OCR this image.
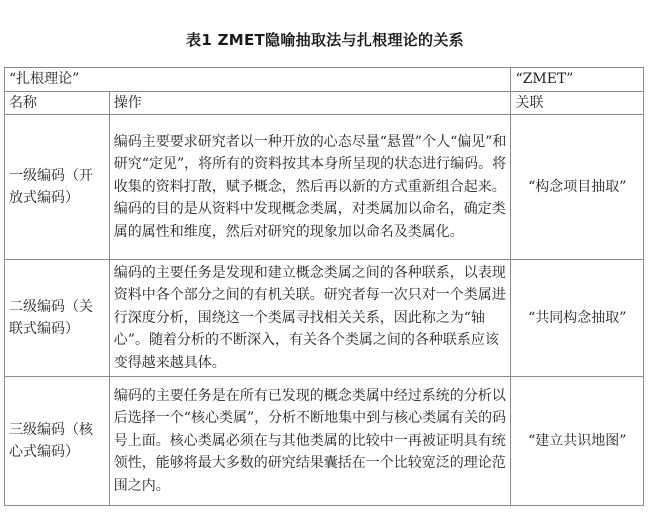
表1 ZMET隐喻抽取法与扎根理论的关系
“扎根理论”		“ZMET”
名称	操作	关联
一级编码（开放式编码）	编码主要要求研究者以一种开放的心态尽量“悬置”个人“偏见”和研究“定见”，将所有的资料按其本身所呈现的状态进行编码。将收集的资料打散，赋予概念，然后再以新的方式重新组合起来。编码的目的是从资料中发现概念类属，对类属加以命名，确定类属的属性和维度，然后对研究的现象加以命名及类属化。	“构念项目抽取”
二级编码（关联式编码）	编码的主要任务是发现和建立概念类属之间的各种联系，以表现资料中各个部分之间的有机关联。研究者每一次只对一个类属进行深度分析，围绕这一个类属寻找相关关系，因此称之为“轴心”。随着分析的不断深入，有关各个类属之间的各种联系应该变得越来越具体。	“共同构念抽取”
三级编码（核心式编码）	编码的主要任务是在所有已发现的概念类属中经过系统的分析以后选择一个“核心类属”，分析不断地集中到与核心类属有关的码号上面。核心类属必须在与其他类属的比较中一再被证明具有统领性，能够将最大多数的研究结果囊括在一个比较宽泛的理论范围之内。	“建立共识地图”
